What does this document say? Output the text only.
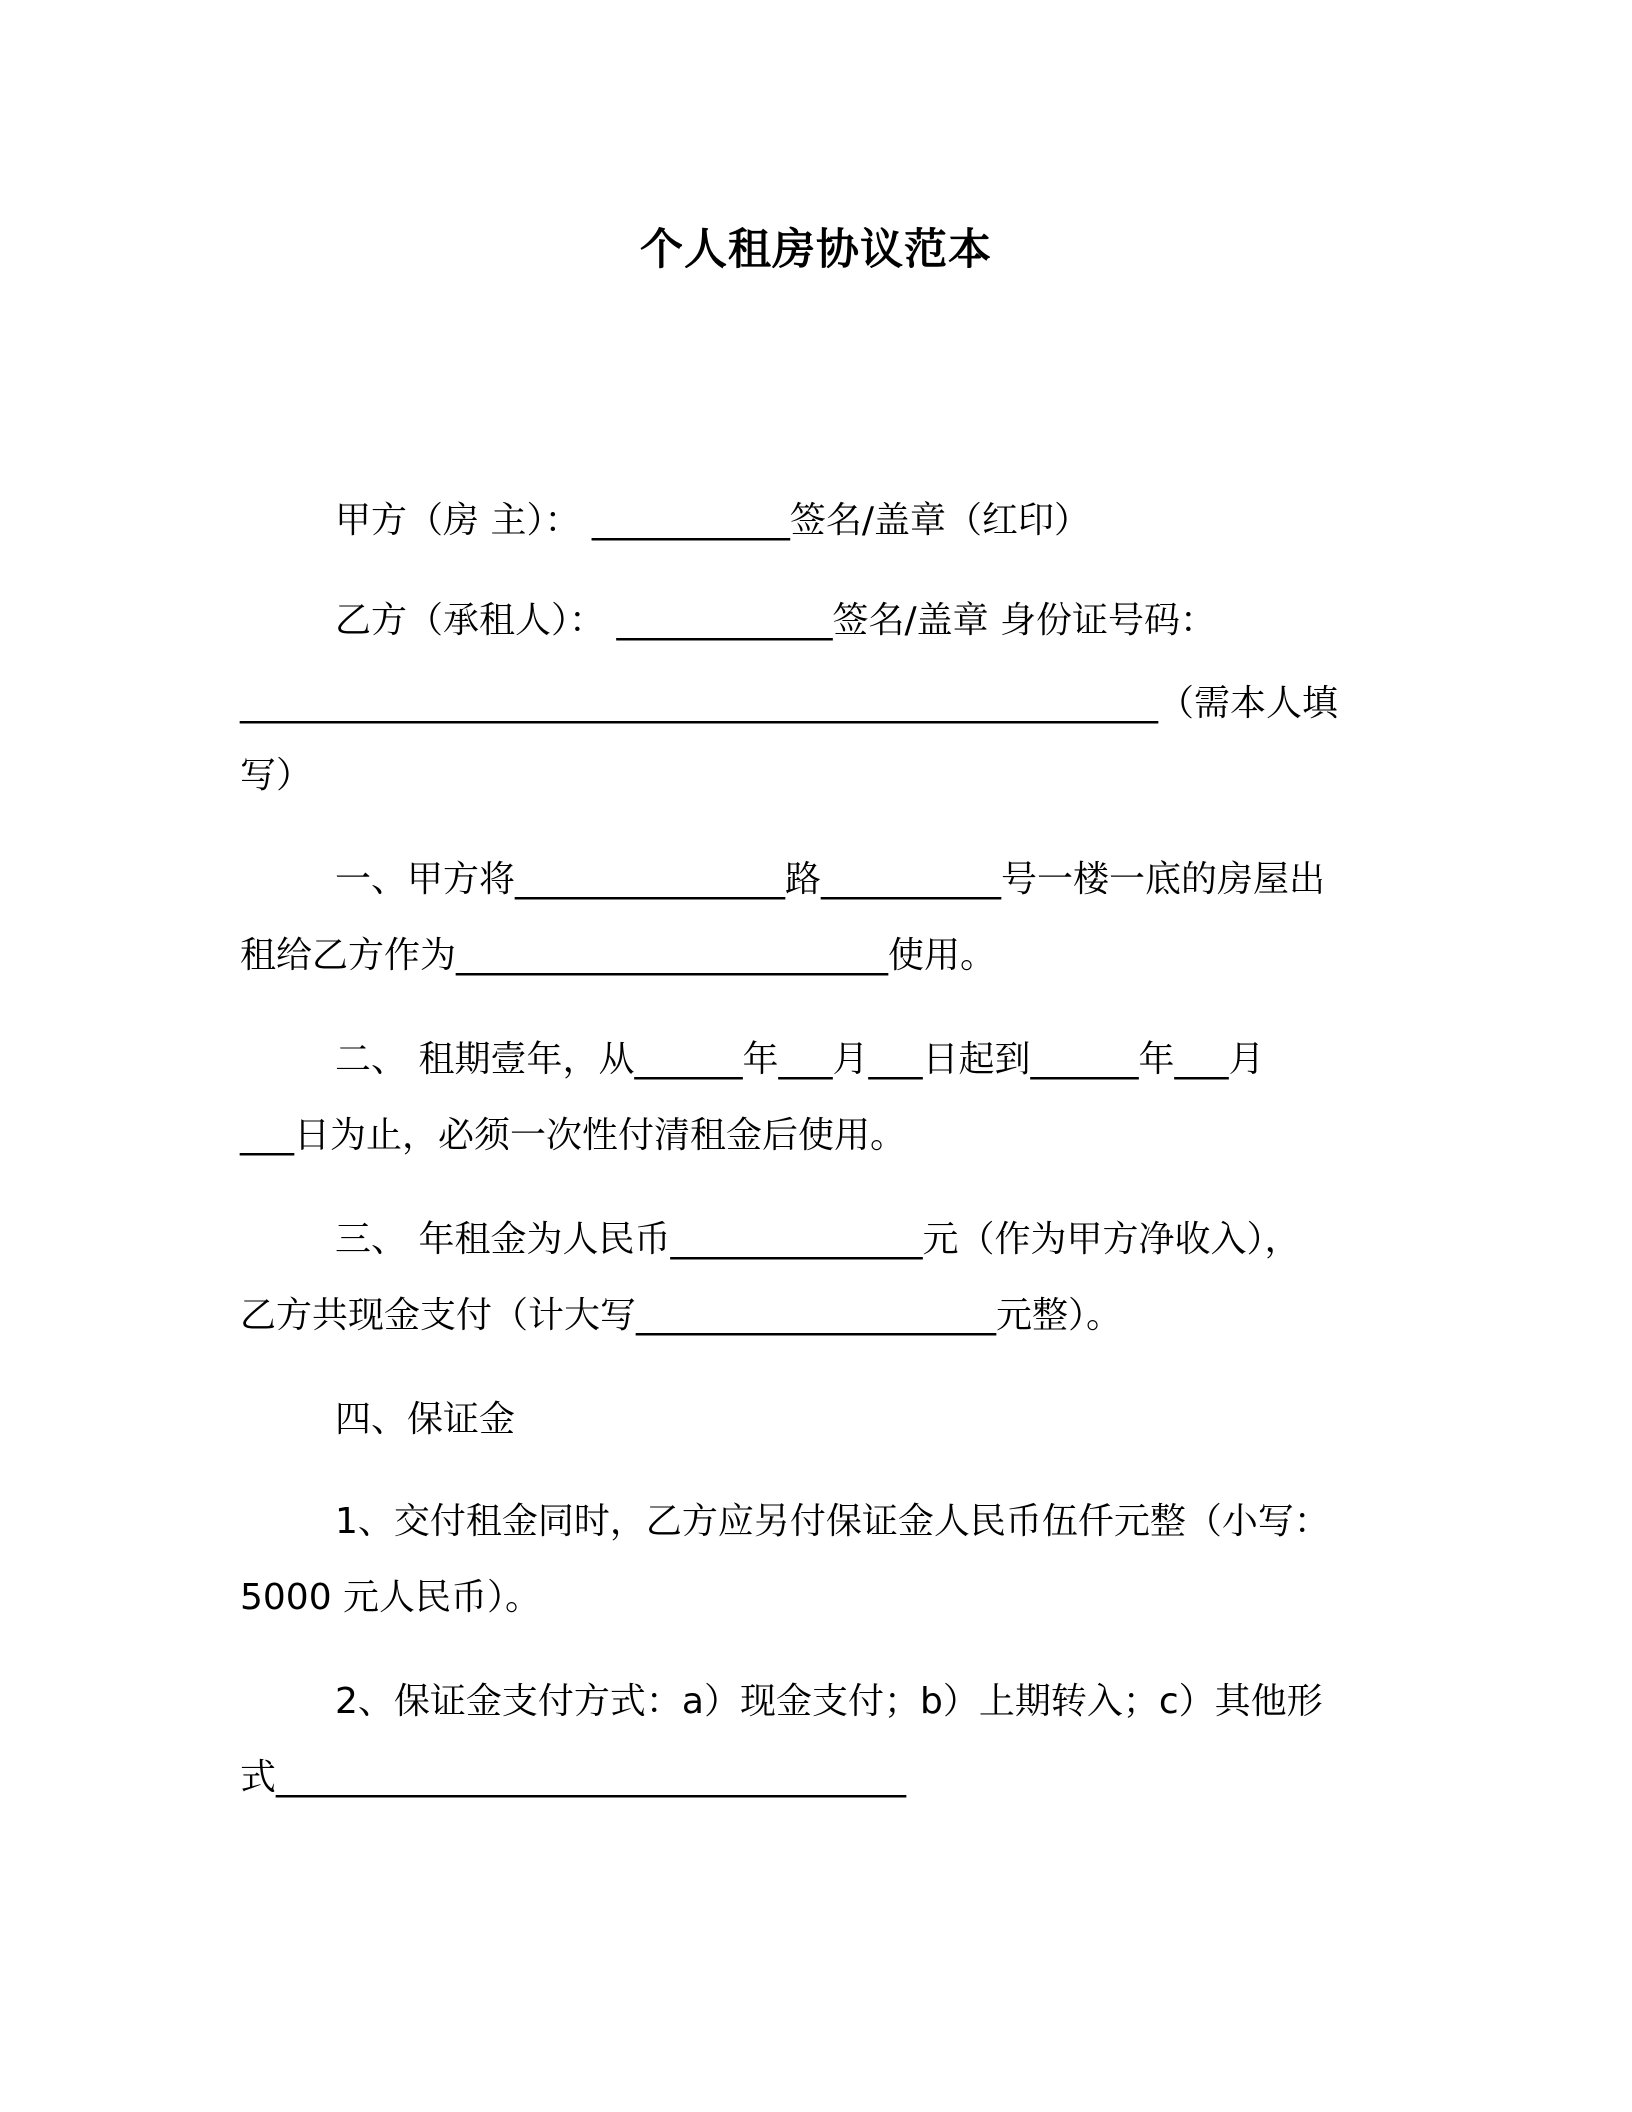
个人租房协议范本
甲方（房 主）： ___________签名/盖章（红印）
乙方（承租人）： ____________签名/盖章 身份证号码：
___________________________________________________（需本人填
写）
一、甲方将_______________路__________号一楼一底的房屋出
租给乙方作为________________________使用。
二、 租期壹年，从______年___月___日起到______年___月
___日为止，必须一次性付清租金后使用。
三、 年租金为人民币______________元（作为甲方净收入），
乙方共现金支付（计大写____________________元整）。
四、保证金
1、交付租金同时，乙方应另付保证金人民币伍仟元整（小写：
5000 元人民币）。
2、保证金支付方式：a）现金支付；b）上期转入；c）其他形
式___________________________________
